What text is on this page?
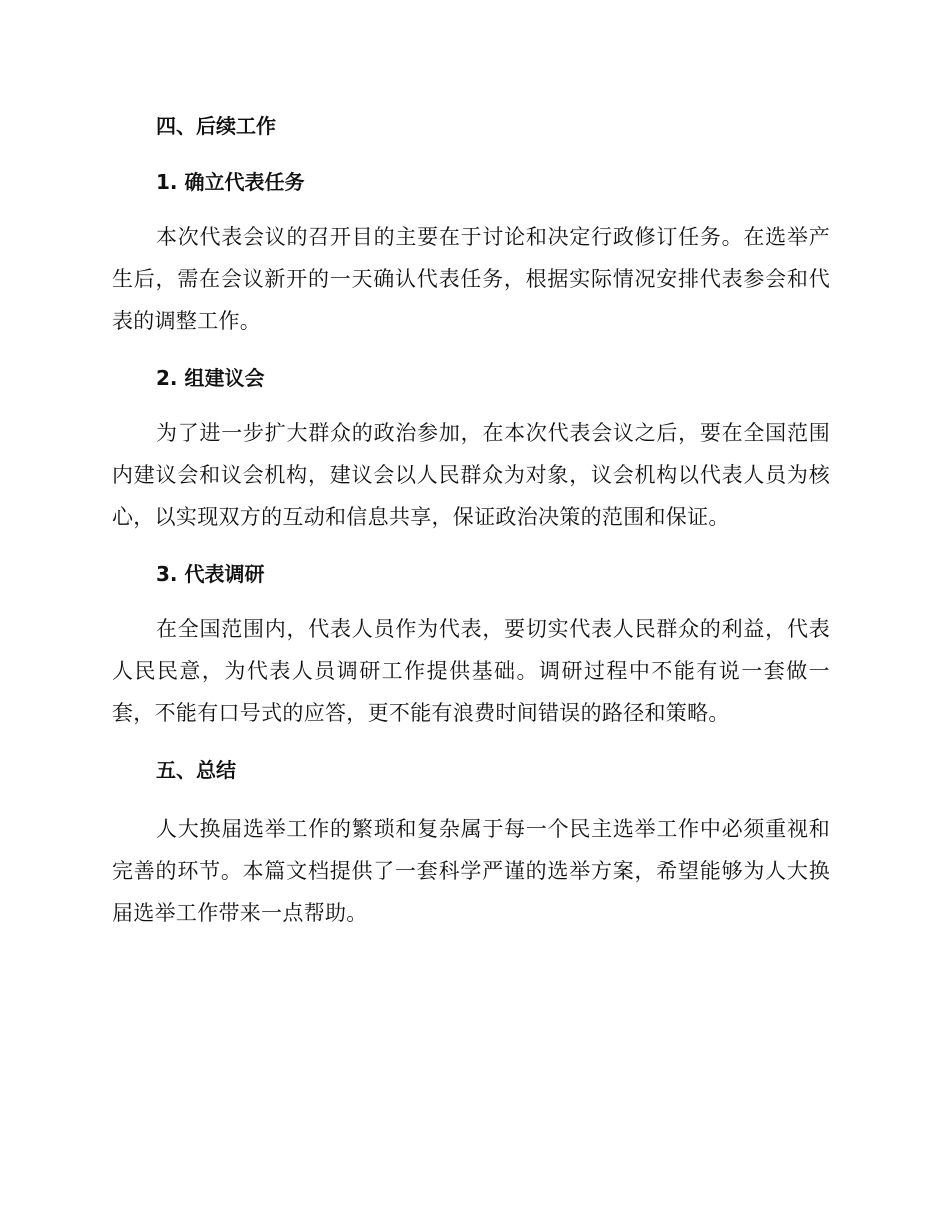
四、后续工作
1. 确立代表任务

本次代表会议的召开目的主要在于讨论和决定行政修订任务。在选举产生后，需在会议新开的一天确认代表任务，根据实际情况安排代表参会和代表的调整工作。

2. 组建议会

为了进一步扩大群众的政治参加，在本次代表会议之后，要在全国范围内建议会和议会机构，建议会以人民群众为对象，议会机构以代表人员为核心，以实现双方的互动和信息共享，保证政治决策的范围和保证。

3. 代表调研

在全国范围内，代表人员作为代表，要切实代表人民群众的利益，代表人民民意，为代表人员调研工作提供基础。调研过程中不能有说一套做一套，不能有口号式的应答，更不能有浪费时间错误的路径和策略。

五、总结

人大换届选举工作的繁琐和复杂属于每一个民主选举工作中必须重视和完善的环节。本篇文档提供了一套科学严谨的选举方案，希望能够为人大换届选举工作带来一点帮助。
